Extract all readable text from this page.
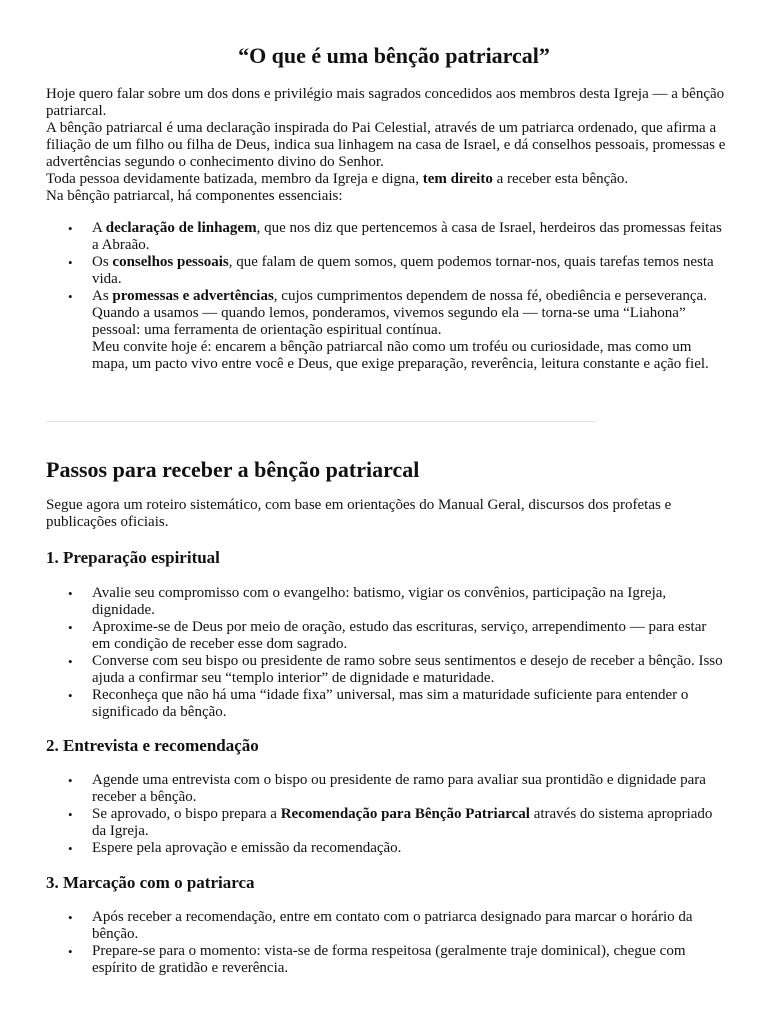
“O que é uma bênção patriarcal”

Hoje quero falar sobre um dos dons e privilégio mais sagrados concedidos aos membros desta Igreja — a bênção patriarcal.

A bênção patriarcal é uma declaração inspirada do Pai Celestial, através de um patriarca ordenado, que afirma a filiação de um filho ou filha de Deus, indica sua linhagem na casa de Israel, e dá conselhos pessoais, promessas e advertências segundo o conhecimento divino do Senhor.

Toda pessoa devidamente batizada, membro da Igreja e digna, tem direito a receber esta bênção.

Na bênção patriarcal, há componentes essenciais:

• A declaração de linhagem, que nos diz que pertencemos à casa de Israel, herdeiros das promessas feitas a Abraão.
• Os conselhos pessoais, que falam de quem somos, quem podemos tornar-nos, quais tarefas temos nesta vida.
• As promessas e advertências, cujos cumprimentos dependem de nossa fé, obediência e perseverança.
Quando a usamos — quando lemos, ponderamos, vivemos segundo ela — torna-se uma “Liahona” pessoal: uma ferramenta de orientação espiritual contínua.
Meu convite hoje é: encarem a bênção patriarcal não como um troféu ou curiosidade, mas como um mapa, um pacto vivo entre você e Deus, que exige preparação, reverência, leitura constante e ação fiel.
Passos para receber a bênção patriarcal

Segue agora um roteiro sistemático, com base em orientações do Manual Geral, discursos dos profetas e publicações oficiais.

1. Preparação espiritual
• Avalie seu compromisso com o evangelho: batismo, vigiar os convênios, participação na Igreja, dignidade.
• Aproxime-se de Deus por meio de oração, estudo das escrituras, serviço, arrependimento — para estar em condição de receber esse dom sagrado.
• Converse com seu bispo ou presidente de ramo sobre seus sentimentos e desejo de receber a bênção. Isso ajuda a confirmar seu “templo interior” de dignidade e maturidade.
• Reconheça que não há uma “idade fixa” universal, mas sim a maturidade suficiente para entender o significado da bênção.
2. Entrevista e recomendação
• Agende uma entrevista com o bispo ou presidente de ramo para avaliar sua prontidão e dignidade para receber a bênção.
• Se aprovado, o bispo prepara a Recomendação para Bênção Patriarcal através do sistema apropriado da Igreja.
• Espere pela aprovação e emissão da recomendação.
3. Marcação com o patriarca
• Após receber a recomendação, entre em contato com o patriarca designado para marcar o horário da bênção.
• Prepare-se para o momento: vista-se de forma respeitosa (geralmente traje dominical), chegue com espírito de gratidão e reverência.
